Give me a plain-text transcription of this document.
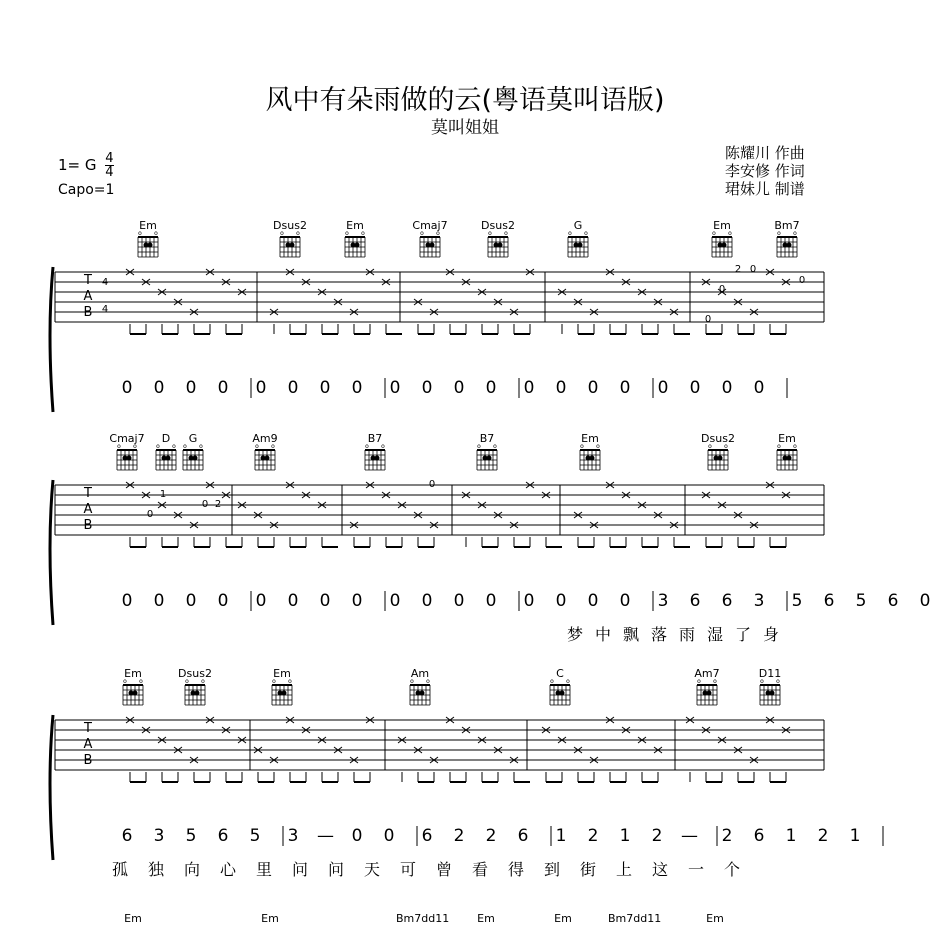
风中有朵雨做的云(粤语莫叫语版)
莫叫姐姐
1= G $\frac{4}{4}$
Capo=1
陈耀川 作曲
李安修 作词
珺妹儿 制谱
T
A
B
o o	o o	o o	o o	o o	o o	o o	o o
T
A
B
o o	o o o o	o o	o o	o o	o o	o o	o o
T
A
B
o o	o o	o o	o o	o o	o o	o o
4
4
2
0
0
0
0
1
0
0 2
0
Em	Dsus2	Em	Cmaj7	Dsus2	G	Em	Bm7
0 0 0 0 0 0 0 0 0 0 0 0 0 0 0 0 0 0 0 0
Cmaj7	D	G	Am9	B7	B7	Em	Dsus2	Em
0 0 0 0 0 0 0 0 0 0 0 0 0 0 0 0 3 6 6 3 5 6 5 6 0
梦 中 飘 落 雨 湿 了 身
Em	Dsus2	Em	Am	C	Am7	D11
6 3 5 6 5 3 — 0 0 6 2 2 6 1 2 1 2 — 2 6 1 2 1
孤 独 向 心 里 问 问 天 可 曾 看 得 到 街 上 这 一 个
Em	Em	Bm7dd11	Em	Em	Bm7dd11	Em
